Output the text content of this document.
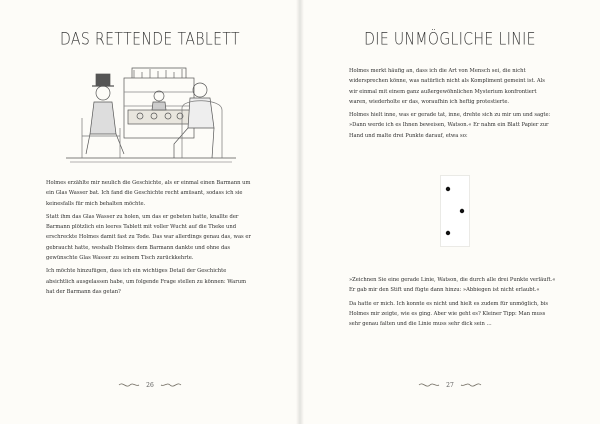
DAS RETTENDE TABLETT

Holmes erzählte mir neulich die Geschichte, als er einmal einen Barmann um ein Glas Wasser bat. Ich fand die Geschichte recht amüsant, sodass ich sie keinesfalls für mich behalten möchte.

Statt ihm das Glas Wasser zu holen, um das er gebeten hatte, knallte der Barmann plötzlich ein leeres Tablett mit voller Wucht auf die Theke und erschreckte Holmes damit fast zu Tode. Das war allerdings genau das, was er gebraucht hatte, weshalb Holmes dem Barmann dankte und ohne das gewünschte Glas Wasser zu seinem Tisch zurückkehrte.

Ich möchte hinzufügen, dass ich ein wichtiges Detail der Geschichte absichtlich ausgelassen habe, um folgende Frage stellen zu können: Warum hat der Barmann das getan?

26
DIE UNMÖGLICHE LINIE

Holmes merkt häufig an, dass ich die Art von Mensch sei, die nicht widersprechen könne, was natürlich nicht als Kompliment gemeint ist. Als wir einmal mit einem ganz außergewöhnlichen Mysterium konfrontiert waren, wiederholte er das, woraufhin ich heftig protestierte.

Holmes hielt inne, was er gerade tat, inne, drehte sich zu mir um und sagte: »Dann werde ich es Ihnen beweisen, Watson.« Er nahm ein Blatt Papier zur Hand und malte drei Punkte darauf, etwa so:

»Zeichnen Sie eine gerade Linie, Watson, die durch alle drei Punkte verläuft.« Er gab mir den Stift und fügte dann hinzu: »Abbiegen ist nicht erlaubt.«

Da hatte er mich. Ich konnte es nicht und hielt es zudem für unmöglich, bis Holmes mir zeigte, wie es ging. Aber wie geht es? Kleiner Tipp: Man muss sehr genau falten und die Linie muss sehr dick sein …

27
